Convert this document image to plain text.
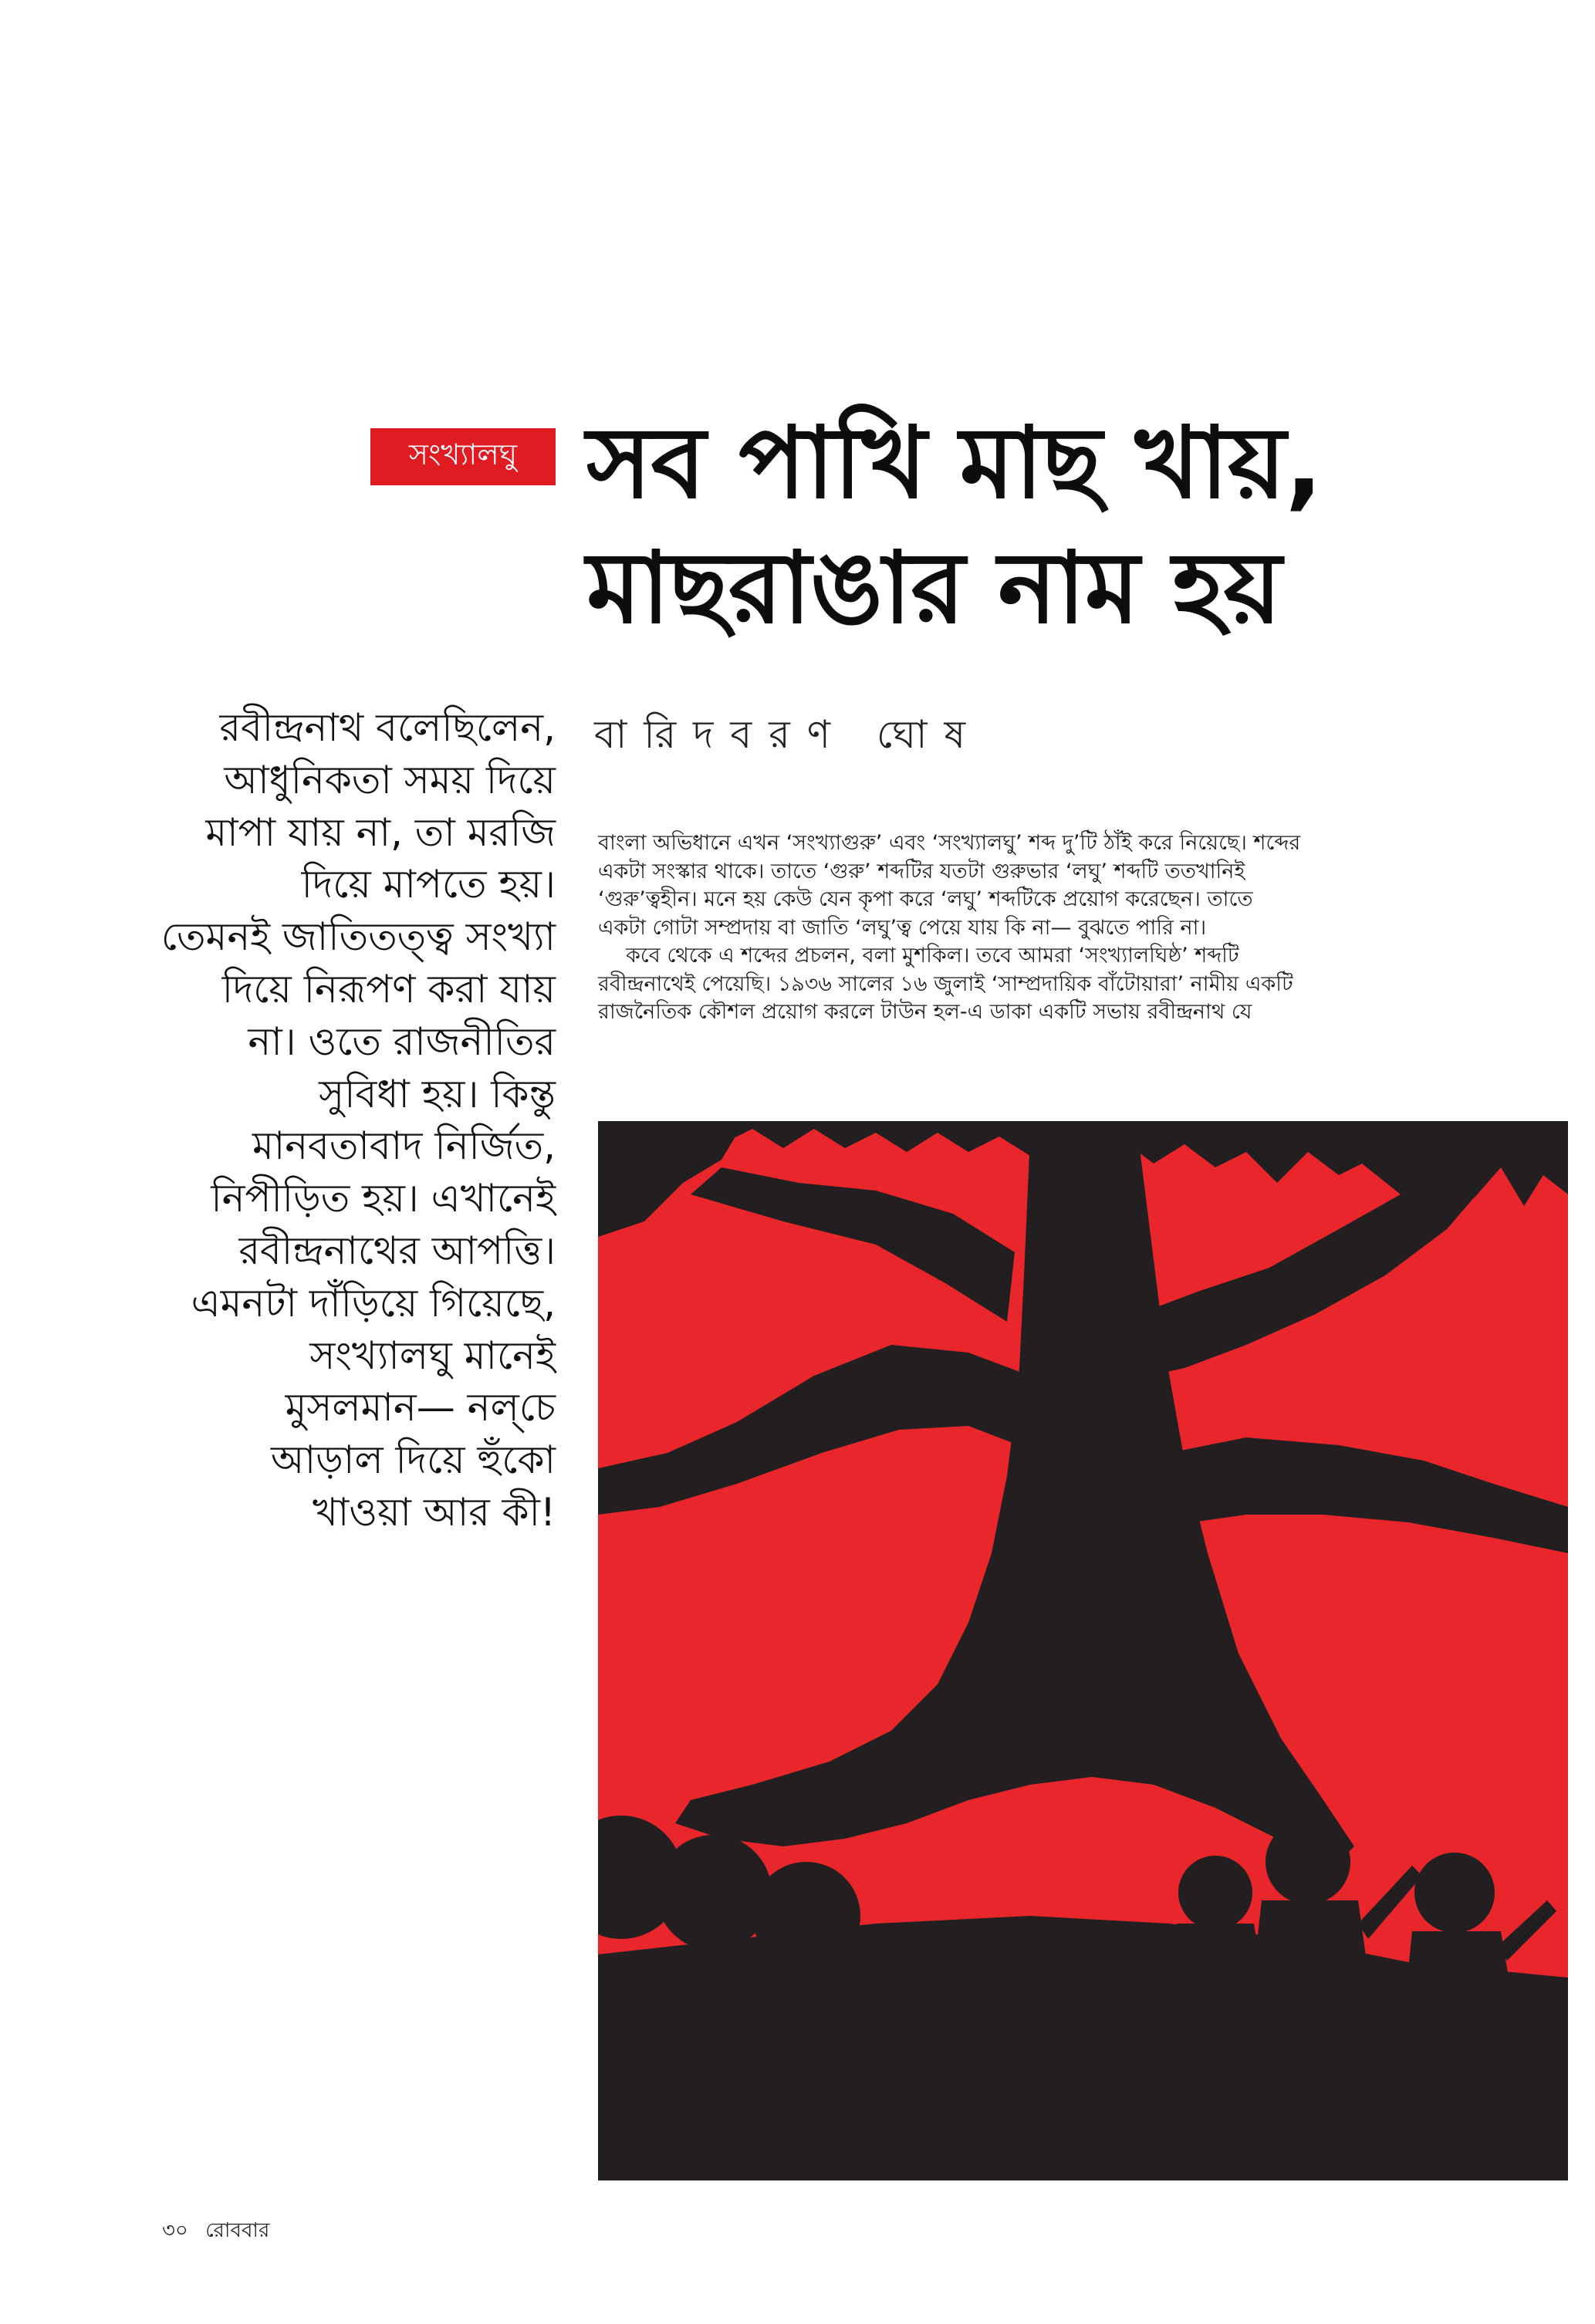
সংখ্যালঘু সব পাখি মাছ খায়,
মাছরাঙার নাম হয়
বারিদবরণ ঘোষ
রবীন্দ্রনাথ বলেছিলেন,
আধুনিকতা সময় দিয়ে
মাপা যায় না, তা মরজি
দিয়ে মাপতে হয়।
তেমনই জাতিতত্ত্ব সংখ্যা
দিয়ে নিরূপণ করা যায়
না। ওতে রাজনীতির
সুবিধা হয়। কিন্তু
মানবতাবাদ নির্জিত,
নিপীড়িত হয়। এখানেই
রবীন্দ্রনাথের আপত্তি।
এমনটা দাঁড়িয়ে গিয়েছে,
সংখ্যালঘু মানেই
মুসলমান— নল্‌চে
আড়াল দিয়ে হুঁকো
খাওয়া আর কী!
বাংলা অভিধানে এখন ‘সংখ্যাগুরু’ এবং ‘সংখ্যালঘু’ শব্দ দু’টি ঠাঁই করে নিয়েছে। শব্দের
একটা সংস্কার থাকে। তাতে ‘গুরু’ শব্দটির যতটা গুরুভার ‘লঘু’ শব্দটি ততখানিই
‘গুরু’ত্বহীন। মনে হয় কেউ যেন কৃপা করে ‘লঘু’ শব্দটিকে প্রয়োগ করেছেন। তাতে
একটা গোটা সম্প্রদায় বা জাতি ‘লঘু’ত্ব পেয়ে যায় কি না— বুঝতে পারি না।
কবে থেকে এ শব্দের প্রচলন, বলা মুশকিল। তবে আমরা ‘সংখ্যালঘিষ্ঠ’ শব্দটি
রবীন্দ্রনাথেই পেয়েছি। ১৯৩৬ সালের ১৬ জুলাই ‘সাম্প্রদায়িক বাঁটোয়ারা’ নামীয় একটি
রাজনৈতিক কৌশল প্রয়োগ করলে টাউন হল-এ ডাকা একটি সভায় রবীন্দ্রনাথ যে
৩০ রোববার
